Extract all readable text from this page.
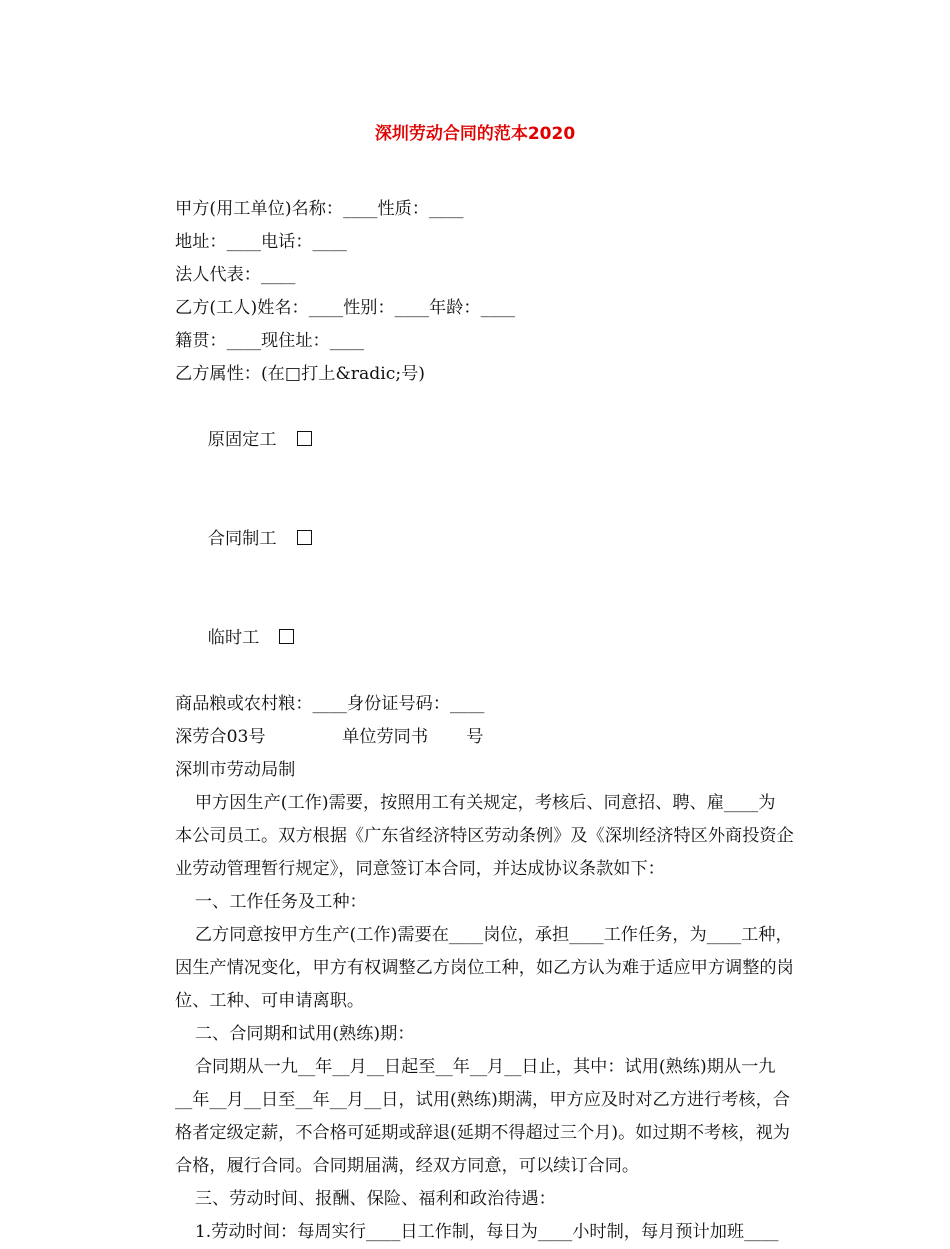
深圳劳动合同的范本2020
甲方(用工单位)名称：____性质：____
地址：____电话：____
法人代表：____
乙方(工人)姓名：____性别：____年龄：____
籍贯：____现住址：____
乙方属性：(在□打上&radic;号)

原固定工

合同制工

临时工

商品粮或农村粮：____身份证号码：____
深劳合03号              单位劳同书       号
深圳市劳动局制
甲方因生产(工作)需要，按照用工有关规定，考核后、同意招、聘、雇____为
本公司员工。双方根据《广东省经济特区劳动条例》及《深圳经济特区外商投资企
业劳动管理暂行规定》，同意签订本合同，并达成协议条款如下：
一、工作任务及工种：
乙方同意按甲方生产(工作)需要在____岗位，承担____工作任务，为____工种，
因生产情况变化，甲方有权调整乙方岗位工种，如乙方认为难于适应甲方调整的岗
位、工种、可申请离职。
二、合同期和试用(熟练)期：
合同期从一九__年__月__日起至__年__月__日止，其中：试用(熟练)期从一九
__年__月__日至__年__月__日，试用(熟练)期满，甲方应及时对乙方进行考核，合
格者定级定薪，不合格可延期或辞退(延期不得超过三个月)。如过期不考核，视为
合格，履行合同。合同期届满，经双方同意，可以续订合同。
三、劳动时间、报酬、保险、福利和政治待遇：
1.劳动时间：每周实行____日工作制，每日为____小时制，每月预计加班____
